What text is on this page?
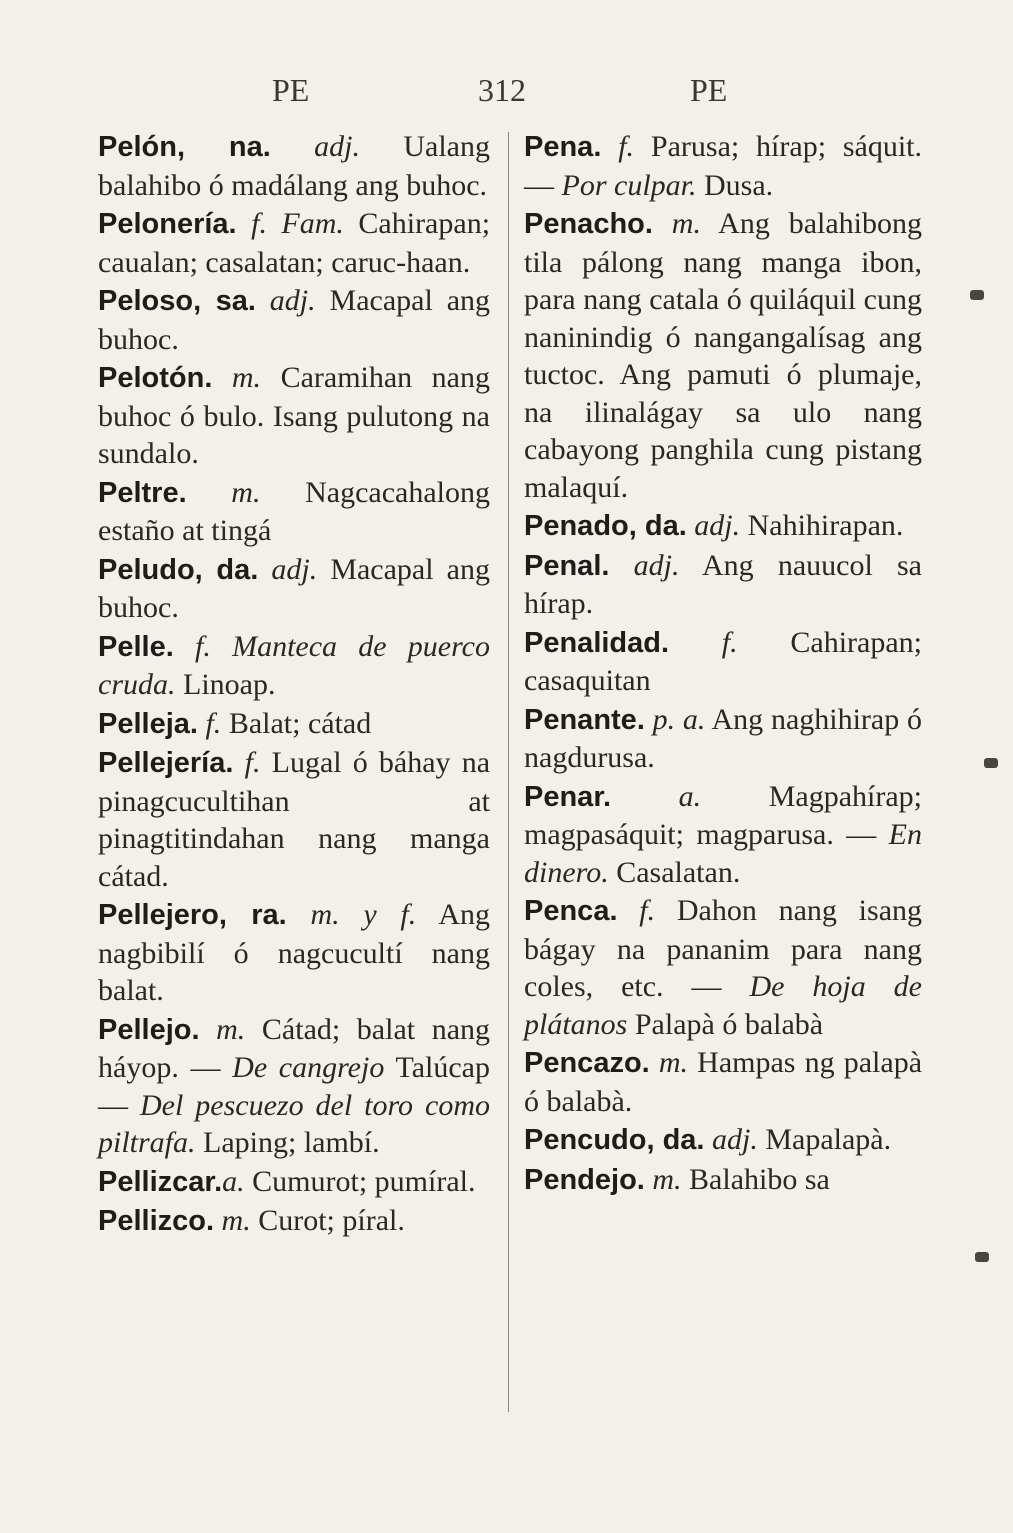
PE	312	PE

Pelón, na. adj. Ualang balahibo ó madálang ang buhoc.

Pelonería. f. Fam. Cahirapan; caualan; casalatan; caruc-haan.

Peloso, sa. adj. Macapal ang buhoc.

Pelotón. m. Caramihan nang buhoc ó bulo. Isang pulutong na sundalo.

Peltre. m. Nagcacahalong estaño at tingá

Peludo, da. adj. Macapal ang buhoc.

Pelle. f. Manteca de puerco cruda. Linoap.

Pelleja. f. Balat; cátad

Pellejería. f. Lugal ó báhay na pinagcucultihan at pinagtitindahan nang manga cátad.

Pellejero, ra. m. y f. Ang nagbibilí ó nagcucultí nang balat.

Pellejo. m. Cátad; balat nang háyop. — De cangrejo Talúcap — Del pescuezo del toro como piltrafa. Laping; lambí.

Pellizcar.a. Cumurot; pumíral.

Pellizco. m. Curot; píral.

Pena. f. Parusa; hírap; sáquit. — Por culpar. Dusa.

Penacho. m. Ang balahibong tila pálong nang manga ibon, para nang catala ó quiláquil cung naninindig ó nangangalísag ang tuctoc. Ang pamuti ó plumaje, na ilinalágay sa ulo nang cabayong panghila cung pistang malaquí.

Penado, da. adj. Nahihirapan.

Penal. adj. Ang nauucol sa hírap.

Penalidad. f. Cahirapan; casaquitan

Penante. p. a. Ang naghihirap ó nagdurusa.

Penar. a. Magpahírap; magpasáquit; magparusa. — En dinero. Casalatan.

Penca. f. Dahon nang isang bágay na pananim para nang coles, etc. — De hoja de plátanos Palapà ó balabà

Pencazo. m. Hampas ng palapà ó balabà.

Pencudo, da. adj. Mapalapà.

Pendejo. m. Balahibo sa
